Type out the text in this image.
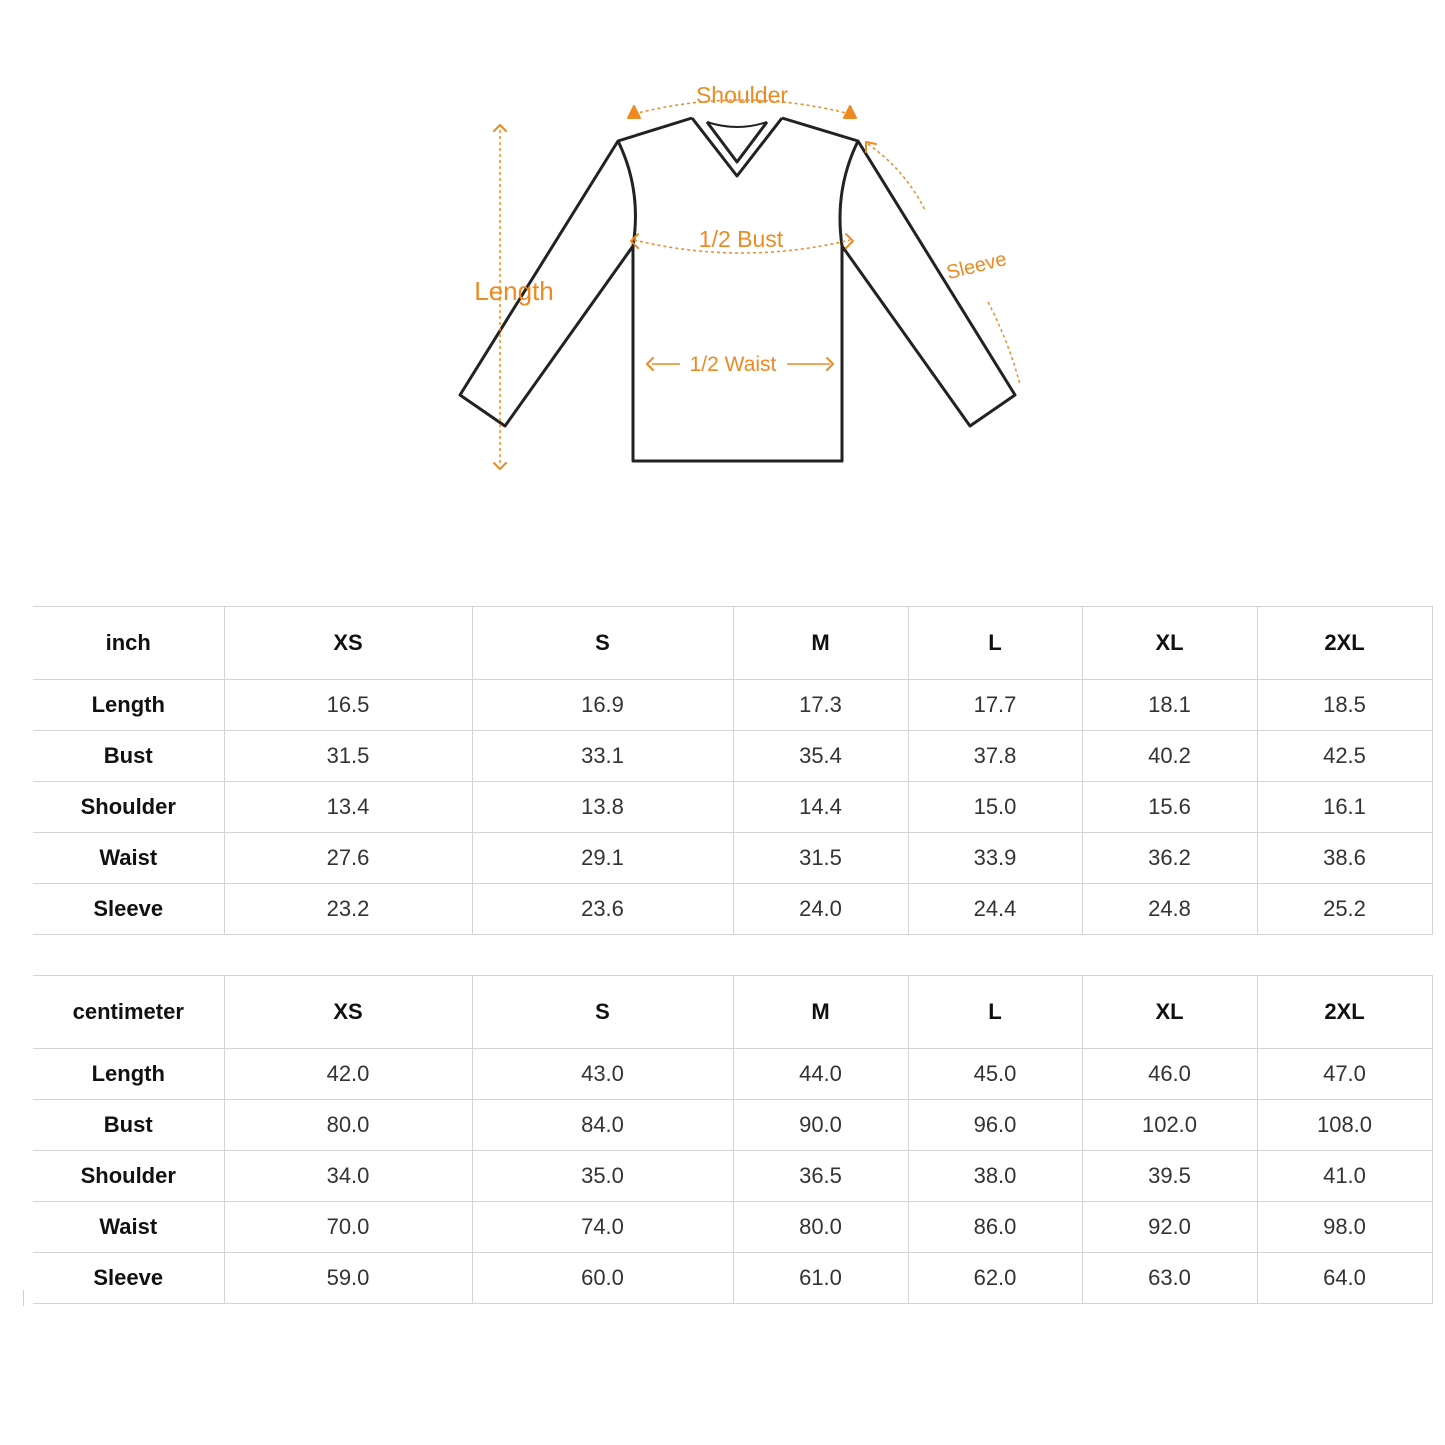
Shoulder
1/2 Bust
1/2 Waist
Length
Sleeve
inch	XS	S	M	L	XL	2XL
Length	16.5	16.9	17.3	17.7	18.1	18.5
Bust	31.5	33.1	35.4	37.8	40.2	42.5
Shoulder	13.4	13.8	14.4	15.0	15.6	16.1
Waist	27.6	29.1	31.5	33.9	36.2	38.6
Sleeve	23.2	23.6	24.0	24.4	24.8	25.2
centimeter	XS	S	M	L	XL	2XL
Length	42.0	43.0	44.0	45.0	46.0	47.0
Bust	80.0	84.0	90.0	96.0	102.0	108.0
Shoulder	34.0	35.0	36.5	38.0	39.5	41.0
Waist	70.0	74.0	80.0	86.0	92.0	98.0
Sleeve	59.0	60.0	61.0	62.0	63.0	64.0
